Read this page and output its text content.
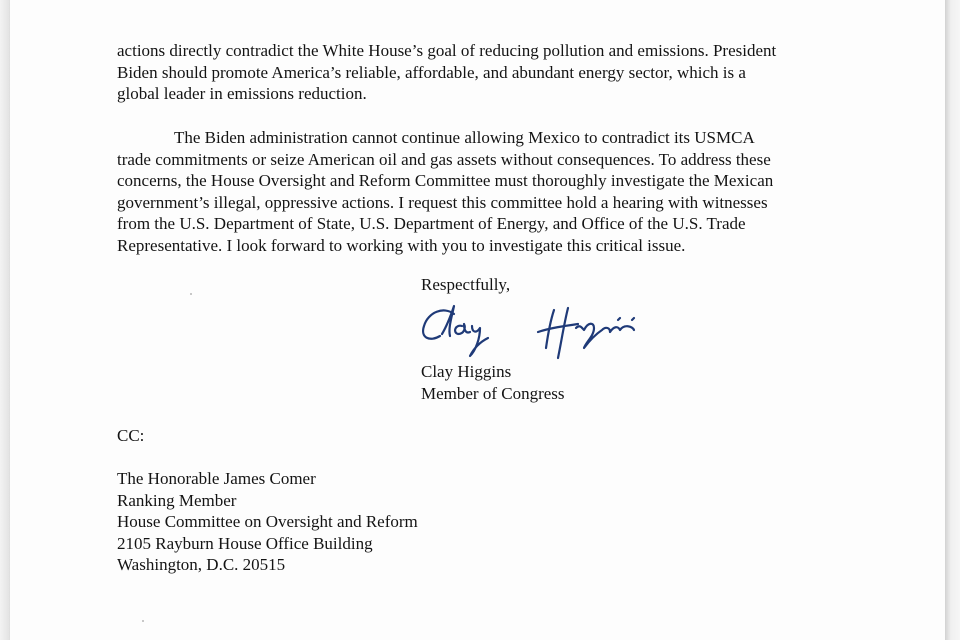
actions directly contradict the White House’s goal of reducing pollution and emissions. President
Biden should promote America’s reliable, affordable, and abundant energy sector, which is a
global leader in emissions reduction.
The Biden administration cannot continue allowing Mexico to contradict its USMCA
trade commitments or seize American oil and gas assets without consequences. To address these
concerns, the House Oversight and Reform Committee must thoroughly investigate the Mexican
government’s illegal, oppressive actions. I request this committee hold a hearing with witnesses
from the U.S. Department of State, U.S. Department of Energy, and Office of the U.S. Trade
Representative. I look forward to working with you to investigate this critical issue.
Respectfully,
Clay Higgins
Member of Congress
CC:
The Honorable James Comer
Ranking Member
House Committee on Oversight and Reform
2105 Rayburn House Office Building
Washington, D.C. 20515
